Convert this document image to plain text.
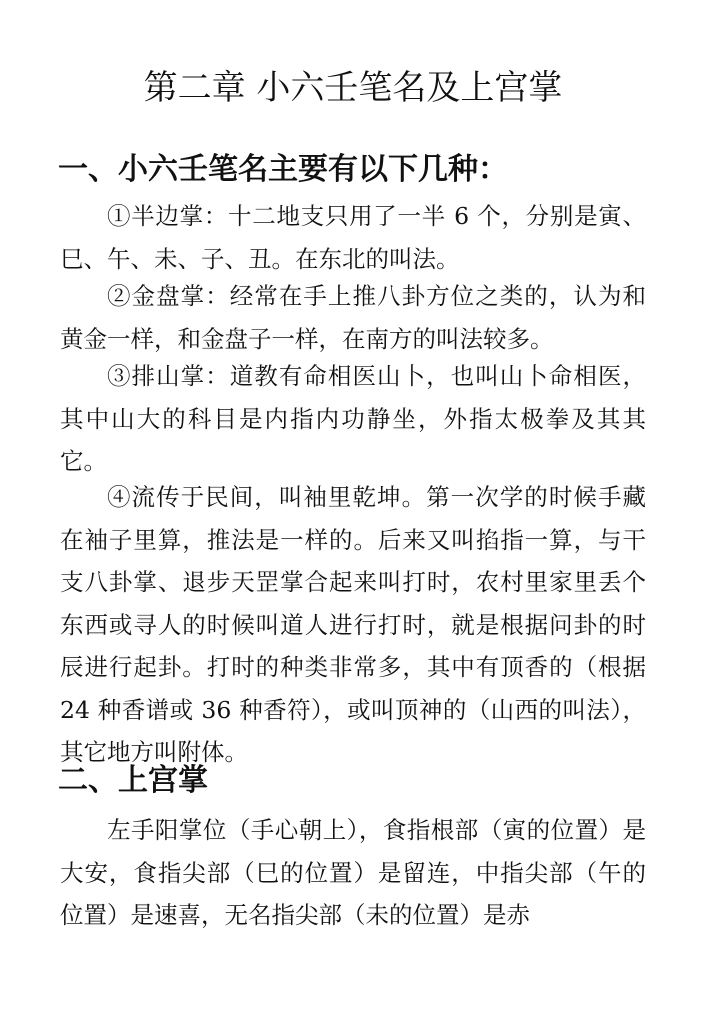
第二章 小六壬笔名及上宫掌
一、小六壬笔名主要有以下几种：

①半边掌：十二地支只用了一半 6 个，分别是寅、巳、午、未、子、丑。在东北的叫法。

②金盘掌：经常在手上推八卦方位之类的，认为和黄金一样，和金盘子一样，在南方的叫法较多。

③排山掌：道教有命相医山卜，也叫山卜命相医，其中山大的科目是内指内功静坐，外指太极拳及其其它。

④流传于民间，叫袖里乾坤。第一次学的时候手藏在袖子里算，推法是一样的。后来又叫掐指一算，与干支八卦掌、退步天罡掌合起来叫打时，农村里家里丢个东西或寻人的时候叫道人进行打时，就是根据问卦的时辰进行起卦。打时的种类非常多，其中有顶香的（根据 24 种香谱或 36 种香符），或叫顶神的（山西的叫法），其它地方叫附体。

二、上宫掌

左手阳掌位（手心朝上），食指根部（寅的位置）是大安，食指尖部（巳的位置）是留连，中指尖部（午的位置）是速喜，无名指尖部（未的位置）是赤
